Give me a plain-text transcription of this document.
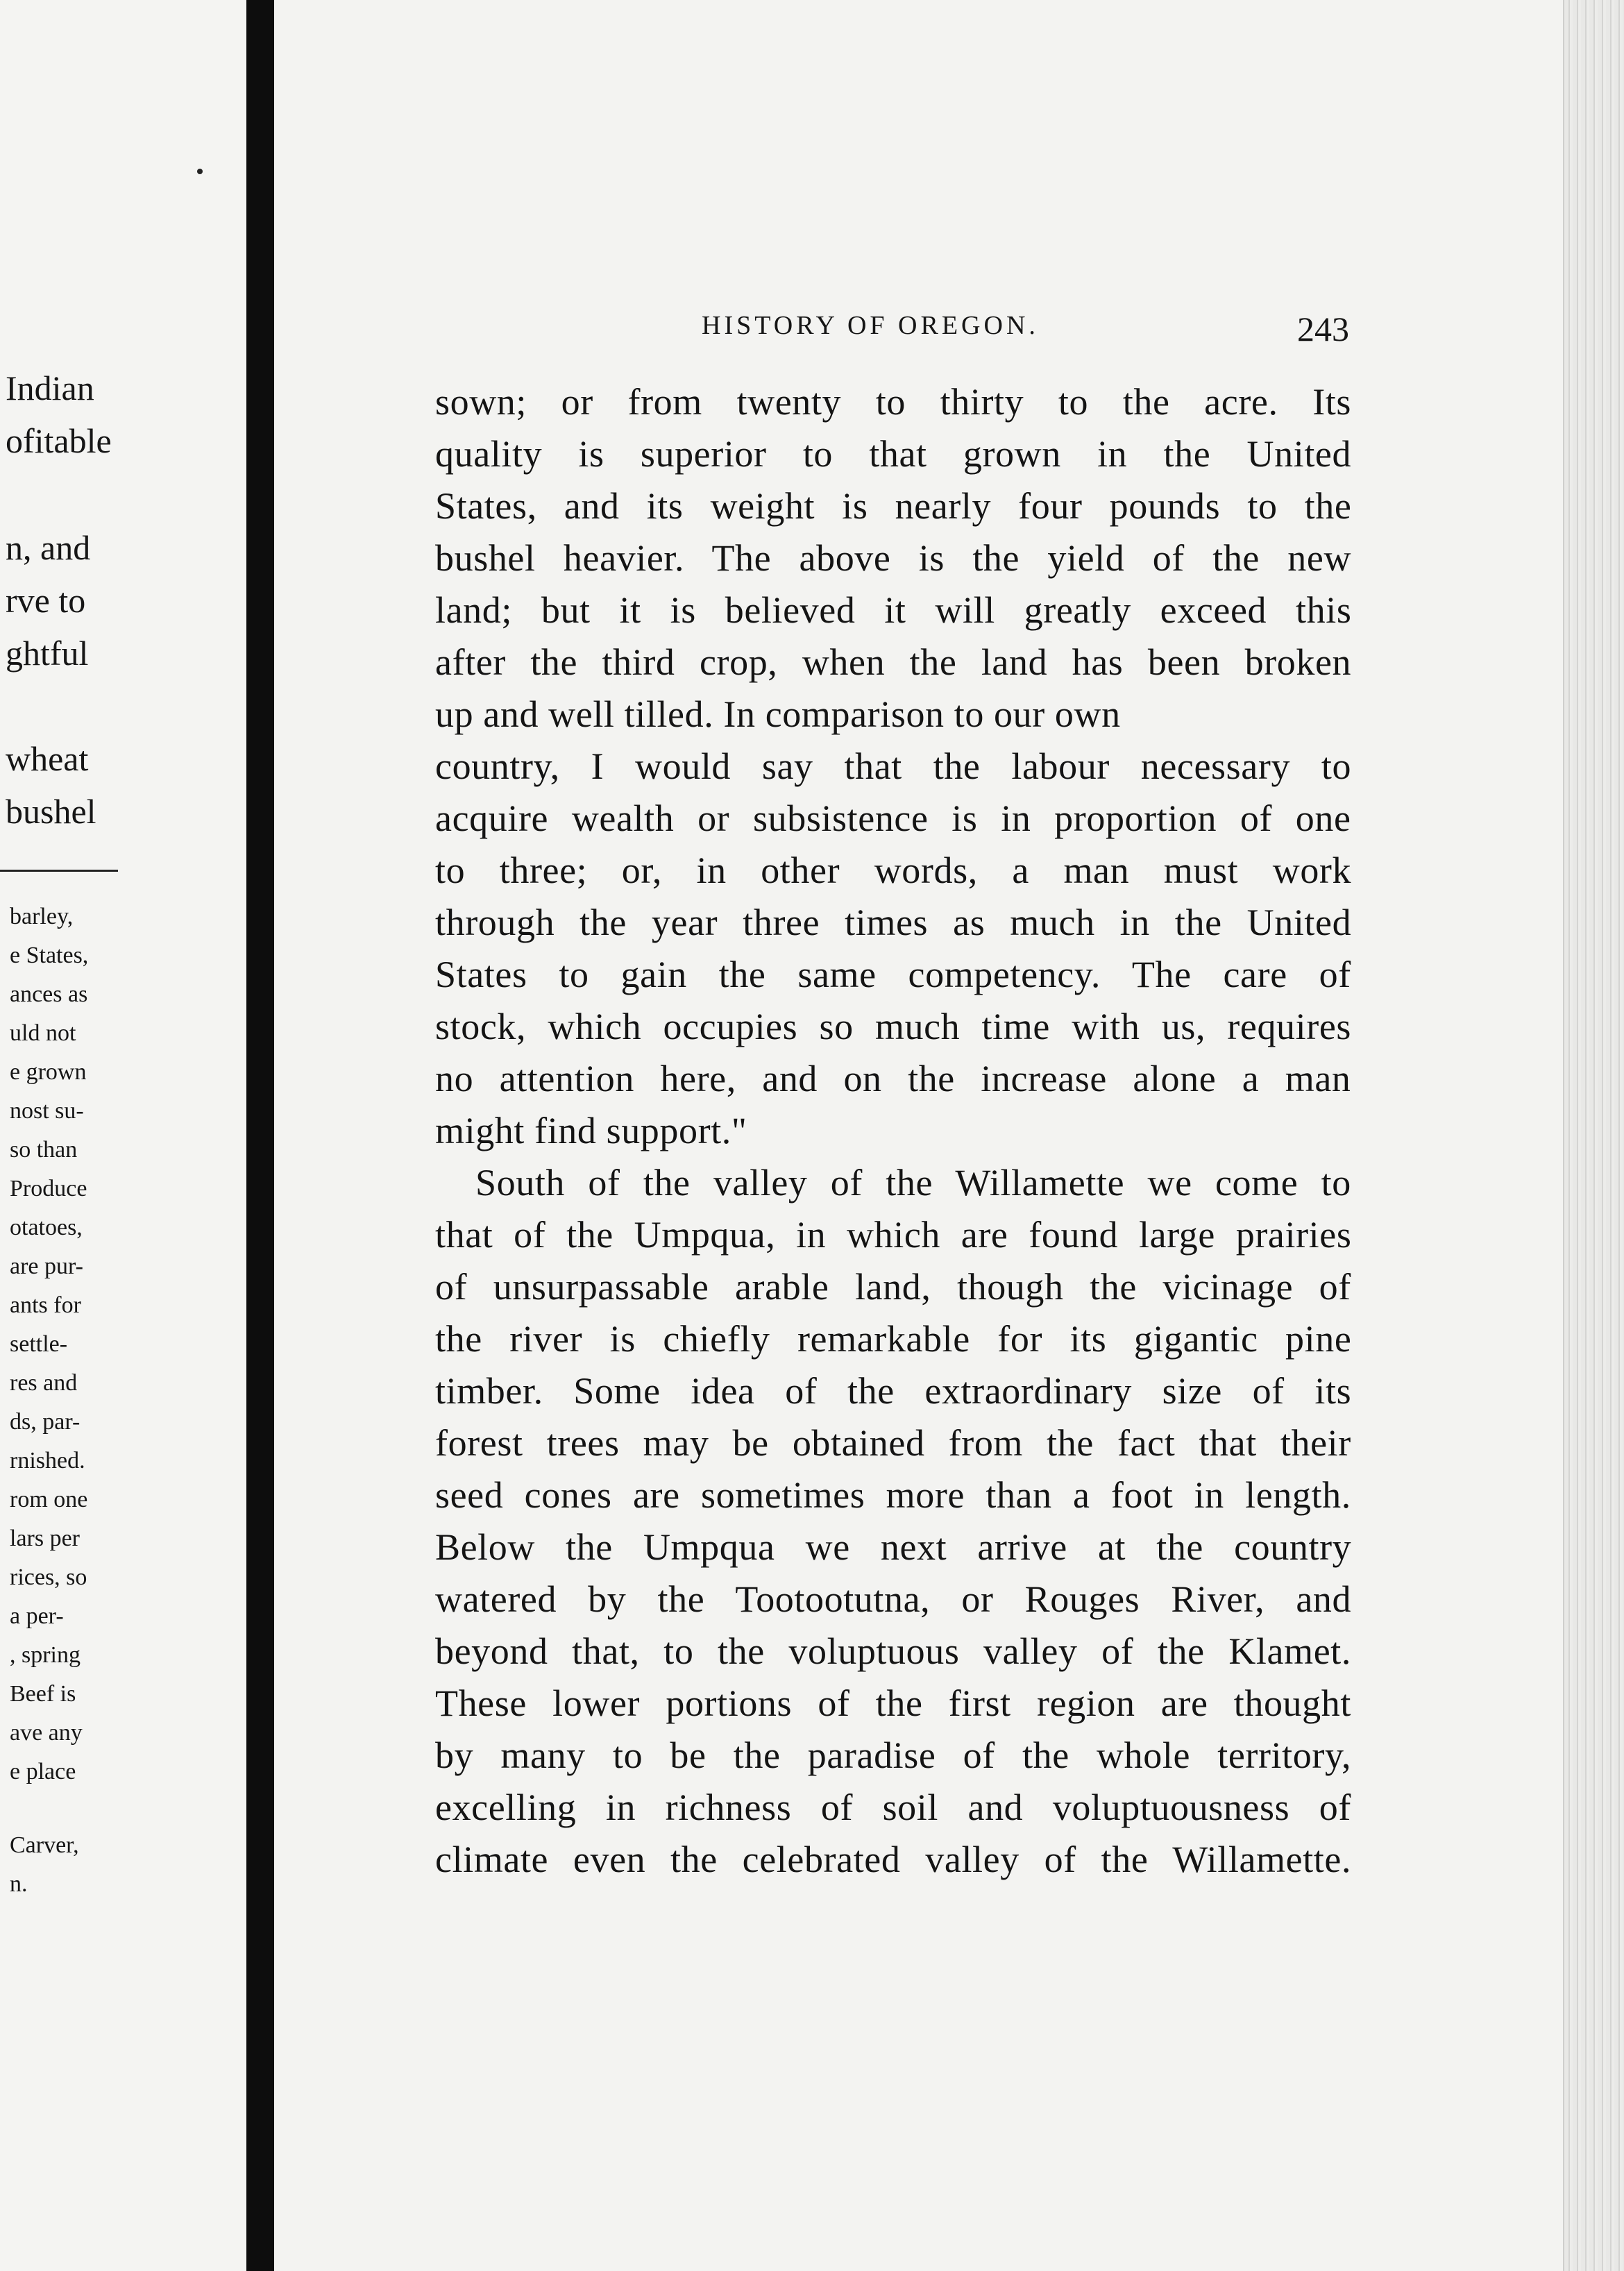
Indian
ofitable
n, and
rve to
ghtful
wheat
bushel
barley,
e States,
ances as
uld not
e grown
nost su-
so than
Produce
otatoes,
are pur-
ants for
settle-
res and
ds, par-
rnished.
rom one
lars per
rices, so
a per-
, spring
Beef is
ave any
e place
Carver,
n.
HISTORY OF OREGON.	243
sown; or from twenty to thirty to the acre. Its
quality is superior to that grown in the United
States, and its weight is nearly four pounds to the
bushel heavier. The above is the yield of the new
land; but it is believed it will greatly exceed this
after the third crop, when the land has been broken
up and well tilled. In comparison to our own
country, I would say that the labour necessary to
acquire wealth or subsistence is in proportion of one
to three; or, in other words, a man must work
through the year three times as much in the United
States to gain the same competency. The care of
stock, which occupies so much time with us, requires
no attention here, and on the increase alone a man
might find support."
South of the valley of the Willamette we come to
that of the Umpqua, in which are found large prairies
of unsurpassable arable land, though the vicinage of
the river is chiefly remarkable for its gigantic pine
timber. Some idea of the extraordinary size of its
forest trees may be obtained from the fact that their
seed cones are sometimes more than a foot in length.
Below the Umpqua we next arrive at the country
watered by the Tootootutna, or Rouges River, and
beyond that, to the voluptuous valley of the Klamet.
These lower portions of the first region are thought
by many to be the paradise of the whole territory,
excelling in richness of soil and voluptuousness of
climate even the celebrated valley of the Willamette.
